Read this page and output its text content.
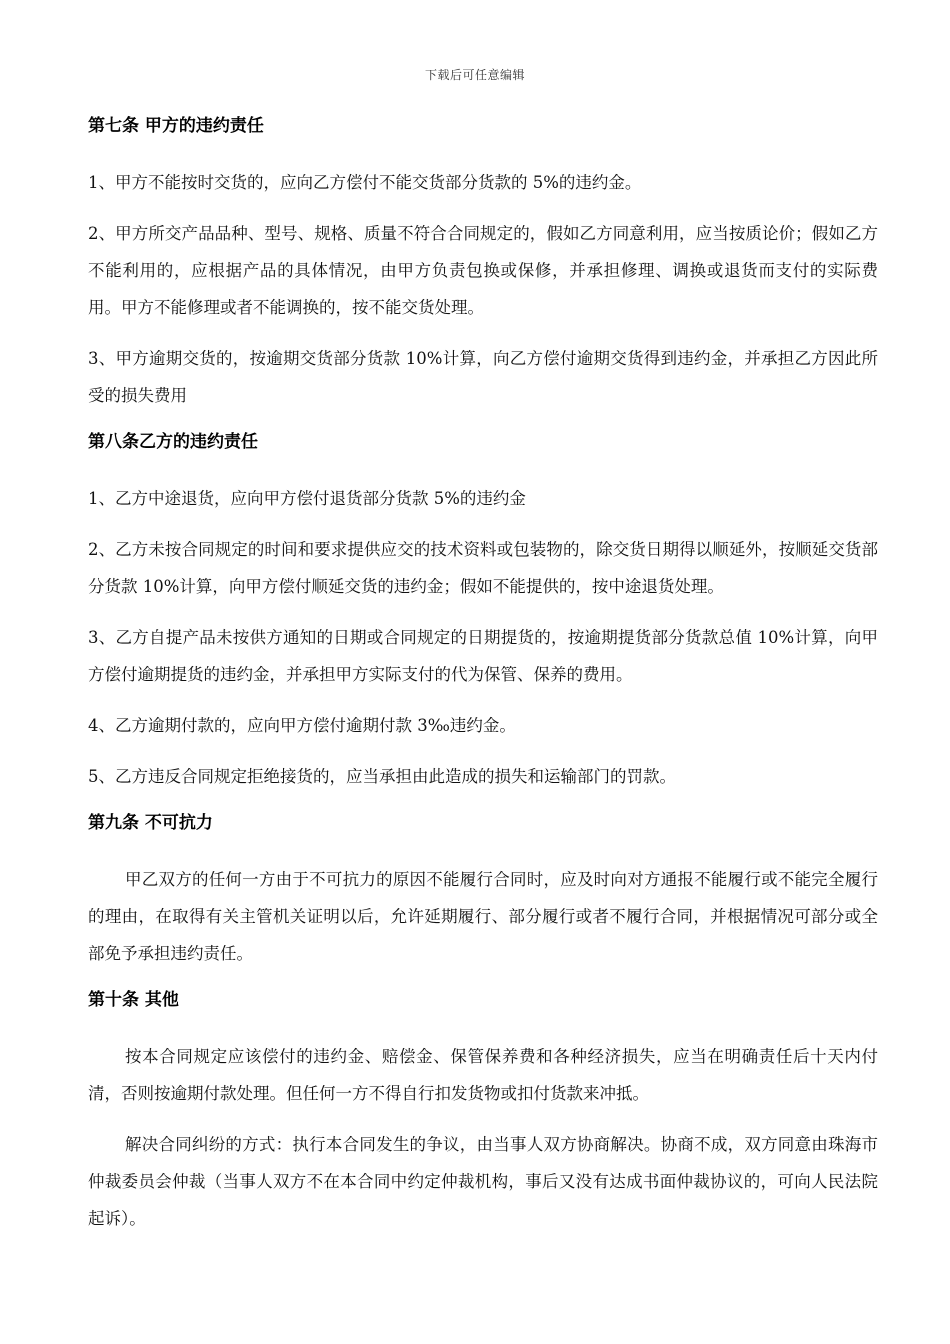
下载后可任意编辑
第七条 甲方的违约责任

1、甲方不能按时交货的，应向乙方偿付不能交货部分货款的 5%的违约金。

2、甲方所交产品品种、型号、规格、质量不符合合同规定的，假如乙方同意利用，应当按质论价；假如乙方不能利用的，应根据产品的具体情况，由甲方负责包换或保修，并承担修理、调换或退货而支付的实际费用。甲方不能修理或者不能调换的，按不能交货处理。

3、甲方逾期交货的，按逾期交货部分货款 10%计算，向乙方偿付逾期交货得到违约金，并承担乙方因此所受的损失费用

第八条乙方的违约责任

1、乙方中途退货，应向甲方偿付退货部分货款 5%的违约金

2、乙方未按合同规定的时间和要求提供应交的技术资料或包装物的，除交货日期得以顺延外，按顺延交货部分货款 10%计算，向甲方偿付顺延交货的违约金；假如不能提供的，按中途退货处理。

3、乙方自提产品未按供方通知的日期或合同规定的日期提货的，按逾期提货部分货款总值 10%计算，向甲方偿付逾期提货的违约金，并承担甲方实际支付的代为保管、保养的费用。

4、乙方逾期付款的，应向甲方偿付逾期付款 3‰违约金。

5、乙方违反合同规定拒绝接货的，应当承担由此造成的损失和运输部门的罚款。

第九条 不可抗力

甲乙双方的任何一方由于不可抗力的原因不能履行合同时，应及时向对方通报不能履行或不能完全履行的理由，在取得有关主管机关证明以后，允许延期履行、部分履行或者不履行合同，并根据情况可部分或全部免予承担违约责任。

第十条 其他

按本合同规定应该偿付的违约金、赔偿金、保管保养费和各种经济损失，应当在明确责任后十天内付清，否则按逾期付款处理。但任何一方不得自行扣发货物或扣付货款来冲抵。

解决合同纠纷的方式：执行本合同发生的争议，由当事人双方协商解决。协商不成，双方同意由珠海市仲裁委员会仲裁（当事人双方不在本合同中约定仲裁机构，事后又没有达成书面仲裁协议的，可向人民法院起诉）。
